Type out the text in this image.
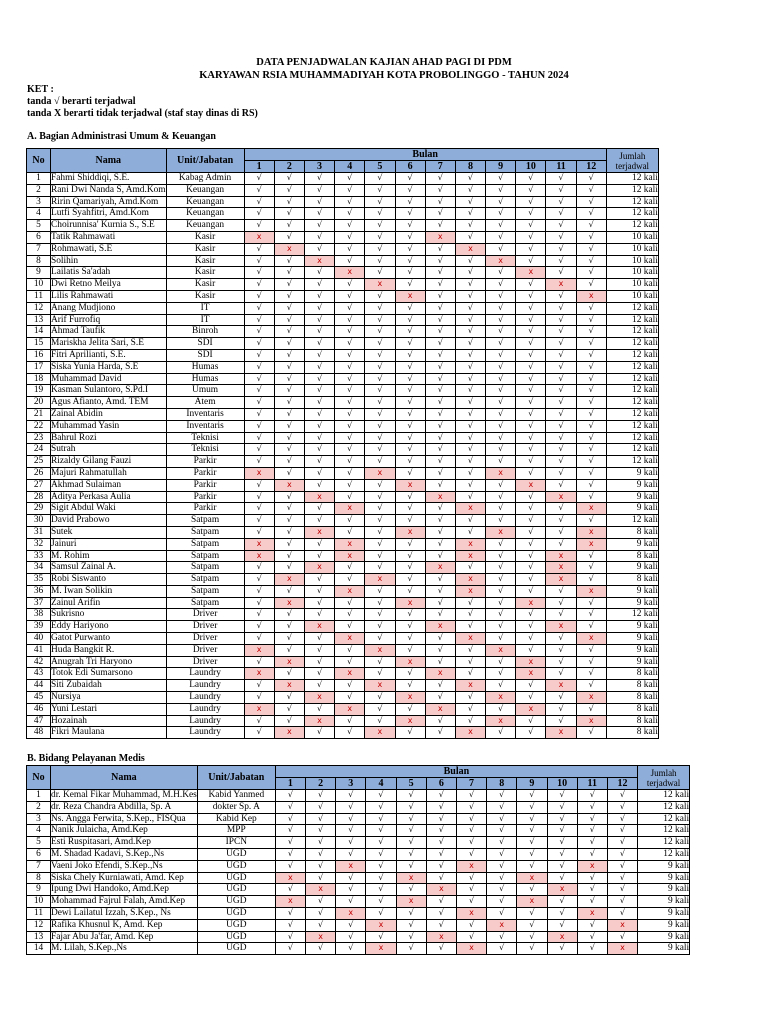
DATA PENJADWALAN KAJIAN AHAD PAGI DI PDM
KARYAWAN RSIA MUHAMMADIYAH KOTA PROBOLINGGO - TAHUN 2024
KET :
tanda √ berarti terjadwal
tanda X berarti tidak terjadwal (staf stay dinas di RS)
A. Bagian Administrasi Umum & Keuangan
No	Nama	Unit/Jabatan	Bulan												Jumlah terjadwal
			1	2	3	4	5	6	7	8	9	10	11	12	
1	Fahmi Shiddiqi, S.E.	Kabag Admin	√	√	√	√	√	√	√	√	√	√	√	√	12 kali
2	Rani Dwi Nanda S, Amd.Kom	Keuangan	√	√	√	√	√	√	√	√	√	√	√	√	12 kali
3	Ririn Qamariyah, Amd.Kom	Keuangan	√	√	√	√	√	√	√	√	√	√	√	√	12 kali
4	Lutfi Syahfitri, Amd.Kom	Keuangan	√	√	√	√	√	√	√	√	√	√	√	√	12 kali
5	Choirunnisa' Kurnia S., S.E	Keuangan	√	√	√	√	√	√	√	√	√	√	√	√	12 kali
6	Tatik Rahmawati	Kasir	x	√	√	√	√	√	x	√	√	√	√	√	10 kali
7	Rohmawati, S.E	Kasir	√	x	√	√	√	√	√	x	√	√	√	√	10 kali
8	Solihin	Kasir	√	√	x	√	√	√	√	√	x	√	√	√	10 kali
9	Lailatis Sa'adah	Kasir	√	√	√	x	√	√	√	√	√	x	√	√	10 kali
10	Dwi Retno Meilya	Kasir	√	√	√	√	x	√	√	√	√	√	x	√	10 kali
11	Lilis Rahmawati	Kasir	√	√	√	√	√	x	√	√	√	√	√	x	10 kali
12	Anang Mudjiono	IT	√	√	√	√	√	√	√	√	√	√	√	√	12 kali
13	Arif Furrofiq	IT	√	√	√	√	√	√	√	√	√	√	√	√	12 kali
14	Ahmad Taufik	Binroh	√	√	√	√	√	√	√	√	√	√	√	√	12 kali
15	Mariskha Jelita Sari, S.E	SDI	√	√	√	√	√	√	√	√	√	√	√	√	12 kali
16	Fitri Aprilianti, S.E.	SDI	√	√	√	√	√	√	√	√	√	√	√	√	12 kali
17	Siska Yunia Harda, S.E	Humas	√	√	√	√	√	√	√	√	√	√	√	√	12 kali
18	Muhammad David	Humas	√	√	√	√	√	√	√	√	√	√	√	√	12 kali
19	Kasman Sulantoro, S.Pd.I	Umum	√	√	√	√	√	√	√	√	√	√	√	√	12 kali
20	Agus Afianto, Amd. TEM	Atem	√	√	√	√	√	√	√	√	√	√	√	√	12 kali
21	Zainal Abidin	Inventaris	√	√	√	√	√	√	√	√	√	√	√	√	12 kali
22	Muhammad Yasin	Inventaris	√	√	√	√	√	√	√	√	√	√	√	√	12 kali
23	Bahrul Rozi	Teknisi	√	√	√	√	√	√	√	√	√	√	√	√	12 kali
24	Sutrah	Teknisi	√	√	√	√	√	√	√	√	√	√	√	√	12 kali
25	Rizaldy Gilang Fauzi	Parkir	√	√	√	√	√	√	√	√	√	√	√	√	12 kali
26	Majuri Rahmatullah	Parkir	x	√	√	√	x	√	√	√	x	√	√	√	9 kali
27	Akhmad Sulaiman	Parkir	√	x	√	√	√	x	√	√	√	x	√	√	9 kali
28	Aditya Perkasa Aulia	Parkir	√	√	x	√	√	√	x	√	√	√	x	√	9 kali
29	Sigit Abdul Waki	Parkir	√	√	√	x	√	√	√	x	√	√	√	x	9 kali
30	David Prabowo	Satpam	√	√	√	√	√	√	√	√	√	√	√	√	12 kali
31	Sutek	Satpam	√	√	x	√	√	x	√	√	x	√	√	x	8 kali
32	Jainuri	Satpam	x	√	√	x	√	√	√	x	√	√	√	x	9 kali
33	M. Rohim	Satpam	x	√	√	x	√	√	√	x	√	√	x	√	8 kali
34	Samsul Zainal A.	Satpam	√	√	x	√	√	√	x	√	√	√	x	√	9 kali
35	Robi Siswanto	Satpam	√	x	√	√	x	√	√	x	√	√	x	√	8 kali
36	M. Iwan Solikin	Satpam	√	√	√	x	√	√	√	x	√	√	√	x	9 kali
37	Zainul Arifin	Satpam	√	x	√	√	√	x	√	√	√	x	√	√	9 kali
38	Sukrisno	Driver	√	√	√	√	√	√	√	√	√	√	√	√	12 kali
39	Eddy Hariyono	Driver	√	√	x	√	√	√	x	√	√	√	x	√	9 kali
40	Gatot Purwanto	Driver	√	√	√	x	√	√	√	x	√	√	√	x	9 kali
41	Huda Bangkit R.	Driver	x	√	√	√	x	√	√	√	x	√	√	√	9 kali
42	Anugrah Tri Haryono	Driver	√	x	√	√	√	x	√	√	√	x	√	√	9 kali
43	Totok Edi Sumarsono	Laundry	x	√	√	x	√	√	x	√	√	x	√	√	8 kali
44	Siti Zubaidah	Laundry	√	x	√	√	x	√	√	x	√	√	x	√	8 kali
45	Nursiya	Laundry	√	√	x	√	√	x	√	√	x	√	√	x	8 kali
46	Yuni Lestari	Laundry	x	√	√	x	√	√	x	√	√	x	√	√	8 kali
47	Hozainah	Laundry	√	√	x	√	√	x	√	√	x	√	√	x	8 kali
48	Fikri Maulana	Laundry	√	x	√	√	x	√	√	x	√	√	x	√	8 kali
B. Bidang Pelayanan Medis
No	Nama	Unit/Jabatan	Bulan												Jumlah terjadwal
			1	2	3	4	5	6	7	8	9	10	11	12	
1	dr. Kemal Fikar Muhammad, M.H.Kes	Kabid Yanmed	√	√	√	√	√	√	√	√	√	√	√	√	12 kali
2	dr. Reza Chandra Abdilla, Sp. A	dokter Sp. A	√	√	√	√	√	√	√	√	√	√	√	√	12 kali
3	Ns. Angga Ferwita, S.Kep., FISQua	Kabid Kep	√	√	√	√	√	√	√	√	√	√	√	√	12 kali
4	Nanik Julaicha, Amd.Kep	MPP	√	√	√	√	√	√	√	√	√	√	√	√	12 kali
5	Esti Ruspitasari, Amd.Kep	IPCN	√	√	√	√	√	√	√	√	√	√	√	√	12 kali
6	M. Shadad Kadavi, S.Kep.,Ns	UGD	√	√	√	√	√	√	√	√	√	√	√	√	12 kali
7	Vaeni Joko Efendi, S.Kep.,Ns	UGD	√	√	x	√	√	√	x	√	√	√	x	√	9 kali
8	Siska Chely Kurniawati, Amd. Kep	UGD	x	√	√	√	x	√	√	√	x	√	√	√	9 kali
9	Ipung Dwi Handoko, Amd.Kep	UGD	√	x	√	√	√	x	√	√	√	x	√	√	9 kali
10	Mohammad Fajrul Falah, Amd.Kep	UGD	x	√	√	√	x	√	√	√	x	√	√	√	9 kali
11	Dewi Lailatul Izzah, S.Kep., Ns	UGD	√	√	x	√	√	√	x	√	√	√	x	√	9 kali
12	Rafika Khusnul K, Amd. Kep	UGD	√	√	√	x	√	√	√	x	√	√	√	x	9 kali
13	Fajar Abu Ja'far, Amd. Kep	UGD	√	x	√	√	√	x	√	√	√	x	√	√	9 kali
14	M. Lilah, S.Kep.,Ns	UGD	√	√	√	x	√	√	x	√	√	√	√	x	9 kali
